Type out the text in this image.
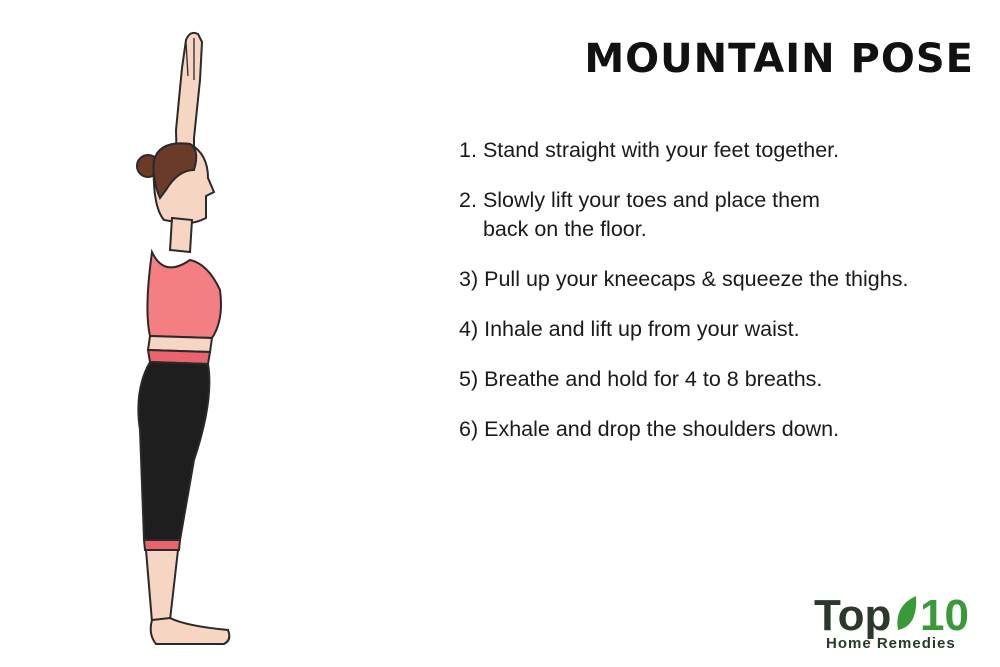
MOUNTAIN POSE
1. Stand straight with your feet together.
2. Slowly lift your toes and place them back on the floor.
3) Pull up your kneecaps & squeeze the thighs.
4) Inhale and lift up from your waist.
5) Breathe and hold for 4 to 8 breaths.
6) Exhale and drop the shoulders down.
Top 10
Home Remedies
